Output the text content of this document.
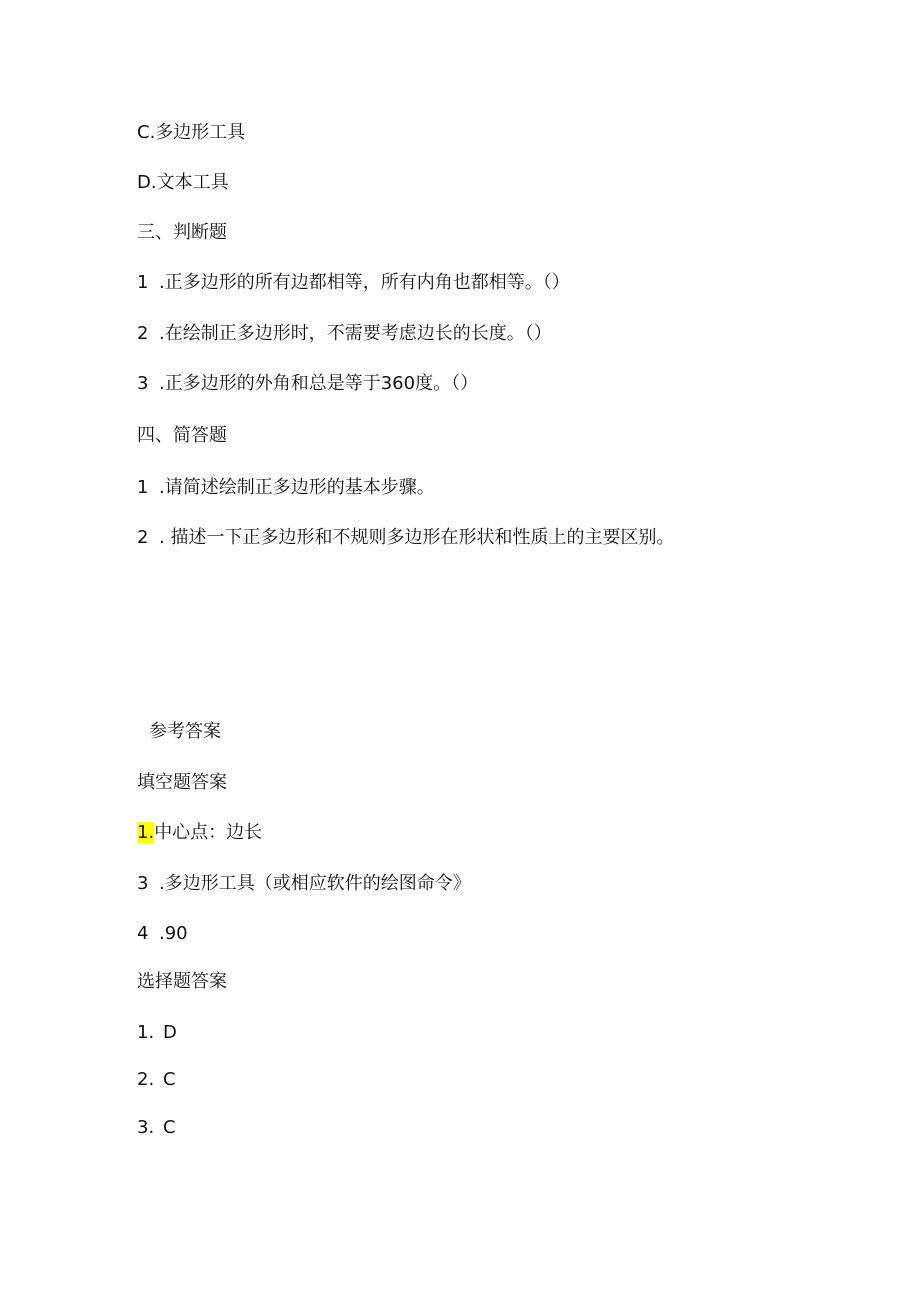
C.多边形工具
D.文本工具
三、判断题
1 .正多边形的所有边都相等，所有内角也都相等。（）
2 .在绘制正多边形时，不需要考虑边长的长度。（）
3 .正多边形的外角和总是等于360度。（）
四、简答题
1 .请简述绘制正多边形的基本步骤。
2 . 描述一下正多边形和不规则多边形在形状和性质上的主要区别。
参考答案
填空题答案
1.中心点：边长
3 .多边形工具（或相应软件的绘图命令》
4 .90
选择题答案
1. D
2. C
3. C
